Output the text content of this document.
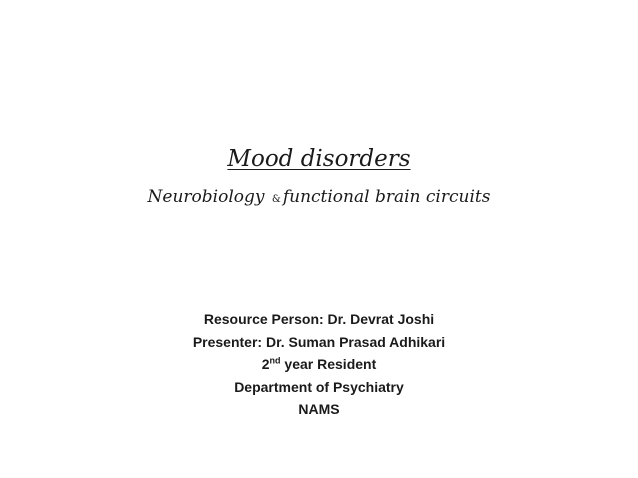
Mood disorders
Neurobiology & functional brain circuits
Resource Person: Dr. Devrat Joshi
Presenter: Dr. Suman Prasad Adhikari
2nd year Resident
Department of Psychiatry
NAMS
